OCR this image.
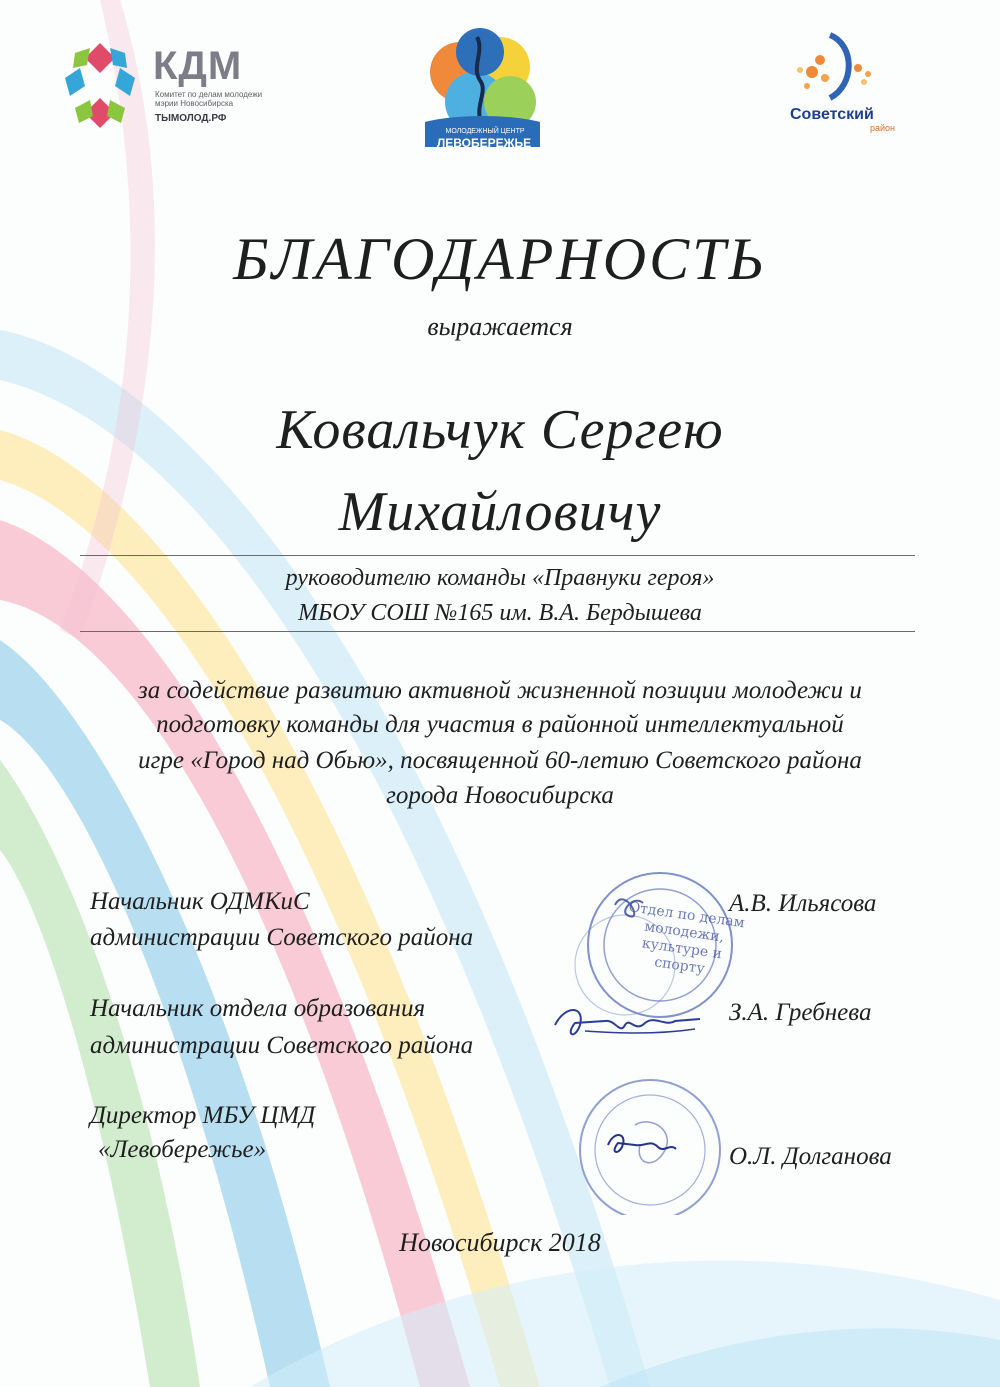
КДМ
Комитет по делам молодежи мэрии Новосибирска
ТЫМОЛОД.РФ
МОЛОДЕЖНЫЙ ЦЕНТР
ЛЕВОБЕРЕЖЬЕ
Советский
район
БЛАГОДАРНОСТЬ
выражается
Ковальчук Сергею
Михайловичу
руководителю команды «Правнуки героя»
МБОУ СОШ №165 им. В.А. Бердышева
за содействие развитию активной жизненной позиции молодежи и
подготовку команды для участия в районной интеллектуальной
игре «Город над Обью», посвященной 60-летию Советского района
города Новосибирска
Отдел по делам молодежи, культуре и спорту
Начальник ОДМКиС
администрации Советского района
А.В. Ильясова
Начальник отдела образования
администрации Советского района
З.А. Гребнева
Директор МБУ ЦМД
«Левобережье»	О.Л. Долганова
Новосибирск 2018
